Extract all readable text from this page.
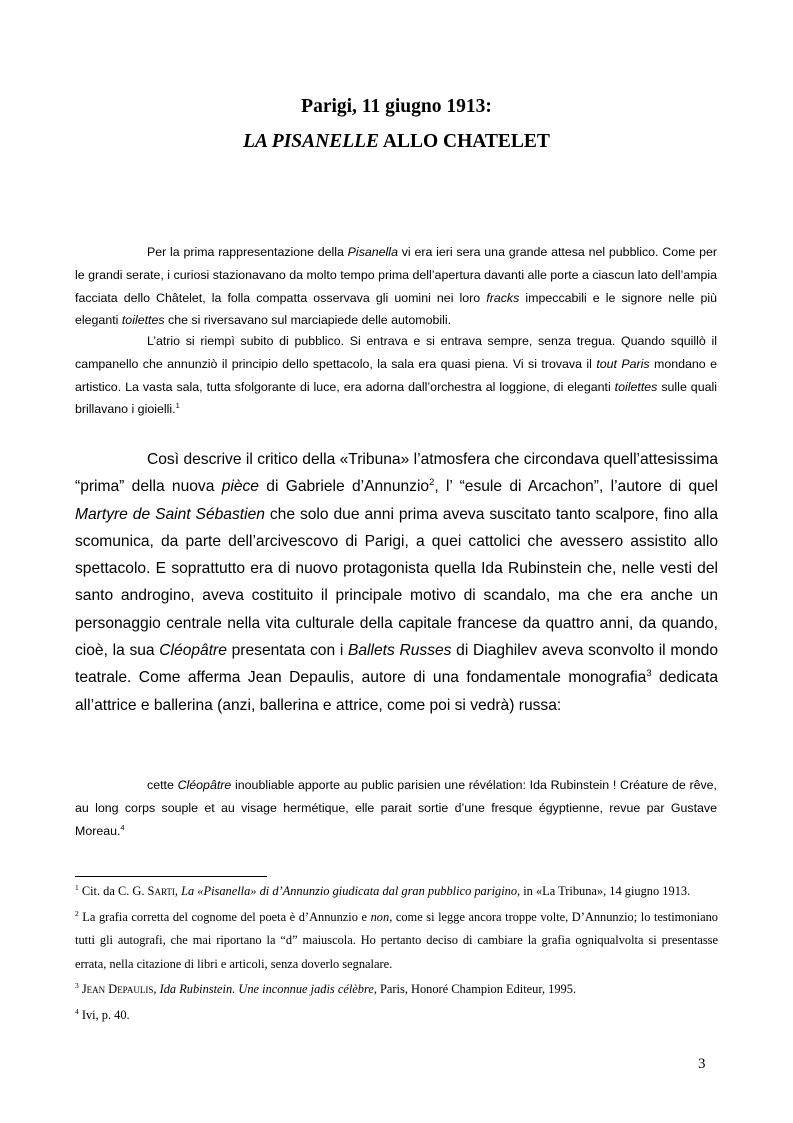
Parigi, 11 giugno 1913:
LA PISANELLE ALLO CHATELET
Per la prima rappresentazione della Pisanella vi era ieri sera una grande attesa nel pubblico. Come per le grandi serate, i curiosi stazionavano da molto tempo prima dell’apertura davanti alle porte a ciascun lato dell’ampia facciata dello Châtelet, la folla compatta osservava gli uomini nei loro fracks impeccabili e le signore nelle più eleganti toilettes che si riversavano sul marciapiede delle automobili.
L’atrio si riempì subito di pubblico. Si entrava e si entrava sempre, senza tregua. Quando squillò il campanello che annunziò il principio dello spettacolo, la sala era quasi piena. Vi si trovava il tout Paris mondano e artistico. La vasta sala, tutta sfolgorante di luce, era adorna dall’orchestra al loggione, di eleganti toilettes sulle quali brillavano i gioielli.$^1$
Così descrive il critico della «Tribuna» l’atmosfera che circondava quell’attesissima “prima” della nuova pièce di Gabriele d’Annunzio$^2$, l’ “esule di Arcachon”, l’autore di quel Martyre de Saint Sébastien che solo due anni prima aveva suscitato tanto scalpore, fino alla scomunica, da parte dell’arcivescovo di Parigi, a quei cattolici che avessero assistito allo spettacolo. E soprattutto era di nuovo protagonista quella Ida Rubinstein che, nelle vesti del santo androgino, aveva costituito il principale motivo di scandalo, ma che era anche un personaggio centrale nella vita culturale della capitale francese da quattro anni, da quando, cioè, la sua Cléopâtre presentata con i Ballets Russes di Diaghilev aveva sconvolto il mondo teatrale. Come afferma Jean Depaulis, autore di una fondamentale monografia$^3$ dedicata all’attrice e ballerina (anzi, ballerina e attrice, come poi si vedrà) russa:
cette Cléopâtre inoubliable apporte au public parisien une révélation: Ida Rubinstein ! Créature de rêve, au long corps souple et au visage hermétique, elle parait sortie d’une fresque égyptienne, revue par Gustave Moreau.$^4$
$^1$ Cit. da C. G. Sarti, La «Pisanella» di d’Annunzio giudicata dal gran pubblico parigino, in «La Tribuna», 14 giugno 1913.
$^2$ La grafia corretta del cognome del poeta è d’Annunzio e non, come si legge ancora troppe volte, D’Annunzio; lo testimoniano tutti gli autografi, che mai riportano la “d” maiuscola. Ho pertanto deciso di cambiare la grafia ogniqualvolta si presentasse errata, nella citazione di libri e articoli, senza doverlo segnalare.
$^3$ Jean Depaulis, Ida Rubinstein. Une inconnue jadis célèbre, Paris, Honoré Champion Editeur, 1995.
$^4$ Ivi, p. 40.
3
